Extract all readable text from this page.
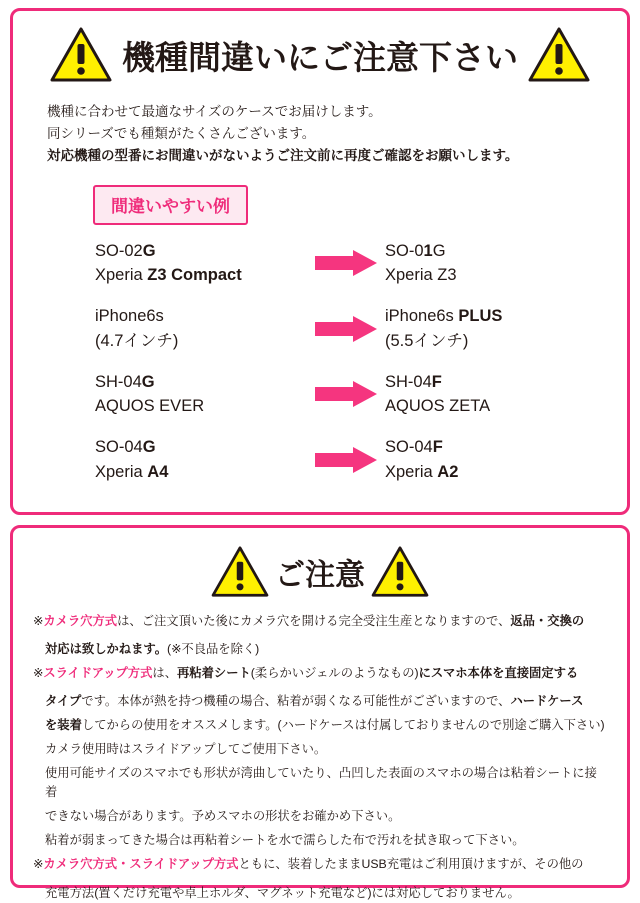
機種間違いにご注意下さい
機種に合わせて最適なサイズのケースでお届けします。
同シリーズでも種類がたくさんございます。
対応機種の型番にお間違いがないようご注文前に再度ご確認をお願いします。
間違いやすい例
SO-02G
Xperia Z3 Compact
SO-01G
Xperia Z3
iPhone6s
(4.7インチ)
iPhone6s PLUS
(5.5インチ)
SH-04G
AQUOS EVER
SH-04F
AQUOS ZETA
SO-04G
Xperia A4
SO-04F
Xperia A2
ご注意
※カメラ穴方式は、ご注文頂いた後にカメラ穴を開ける完全受注生産となりますので、返品・交換の
対応は致しかねます。(※不良品を除く)
※スライドアップ方式は、再粘着シート(柔らかいジェルのようなもの)にスマホ本体を直接固定する
タイプです。本体が熱を持つ機種の場合、粘着が弱くなる可能性がございますので、ハードケース
を装着してからの使用をオススメします。(ハードケースは付属しておりませんので別途ご購入下さい)
カメラ使用時はスライドアップしてご使用下さい。
使用可能サイズのスマホでも形状が湾曲していたり、凸凹した表面のスマホの場合は粘着シートに接着
できない場合があります。予めスマホの形状をお確かめ下さい。
粘着が弱まってきた場合は再粘着シートを水で濡らした布で汚れを拭き取って下さい。
※カメラ穴方式・スライドアップ方式ともに、装着したままUSB充電はご利用頂けますが、その他の
充電方法(置くだけ充電や卓上ホルダ、マグネット充電など)には対応しておりません。
